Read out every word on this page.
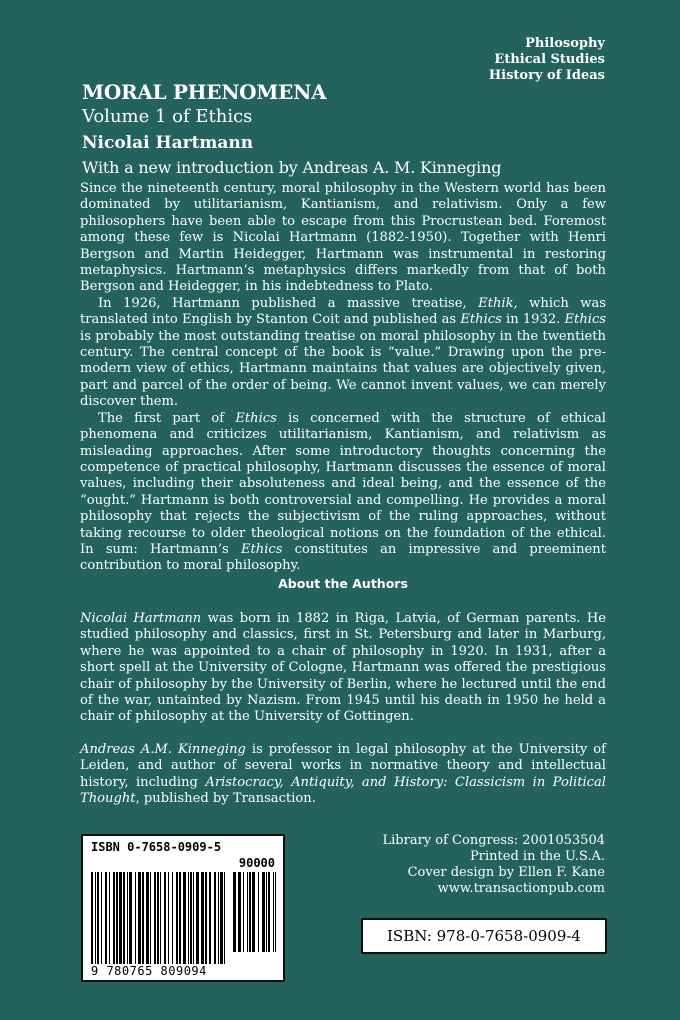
Philosophy
Ethical Studies
History of Ideas
MORAL PHENOMENA
Volume 1 of Ethics
Nicolai Hartmann
With a new introduction by Andreas A. M. Kinneging

Since the nineteenth century, moral philosophy in the Western world has been dominated by utilitarianism, Kantianism, and relativism. Only a few philosophers have been able to escape from this Procrustean bed. Foremost among these few is Nicolai Hartmann (1882-1950). Together with Henri Bergson and Martin Heidegger, Hartmann was instrumental in restoring metaphysics. Hartmann’s metaphysics differs markedly from that of both Bergson and Heidegger, in his indebtedness to Plato.

In 1926, Hartmann published a massive treatise, Ethik, which was translated into English by Stanton Coit and published as Ethics in 1932. Ethics is probably the most outstanding treatise on moral philosophy in the twentieth century. The central concept of the book is “value.” Drawing upon the pre-modern view of ethics, Hartmann maintains that values are objectively given, part and parcel of the order of being. We cannot invent values, we can merely discover them.

The first part of Ethics is concerned with the structure of ethical phenomena and criticizes utilitarianism, Kantianism, and relativism as misleading approaches. After some introductory thoughts concerning the competence of practical philosophy, Hartmann discusses the essence of moral values, including their absoluteness and ideal being, and the essence of the “ought.” Hartmann is both controversial and compelling. He provides a moral philosophy that rejects the subjectivism of the ruling approaches, without taking recourse to older theological notions on the foundation of the ethical. In sum: Hartmann’s Ethics constitutes an impressive and preeminent contribution to moral philosophy.

About the Authors

Nicolai Hartmann was born in 1882 in Riga, Latvia, of German parents. He studied philosophy and classics, first in St. Petersburg and later in Marburg, where he was appointed to a chair of philosophy in 1920. In 1931, after a short spell at the University of Cologne, Hartmann was offered the prestigious chair of philosophy by the University of Berlin, where he lectured until the end of the war, untainted by Nazism. From 1945 until his death in 1950 he held a chair of philosophy at the University of Gottingen.

Andreas A.M. Kinneging is professor in legal philosophy at the University of Leiden, and author of several works in normative theory and intellectual history, including Aristocracy, Antiquity, and History: Classicism in Political Thought, published by Transaction.

ISBN 0-7658-0909-5
90000
9 780765 809094
Library of Congress: 2001053504
Printed in the U.S.A.
Cover design by Ellen F. Kane
www.transactionpub.com
ISBN: 978-0-7658-0909-4
